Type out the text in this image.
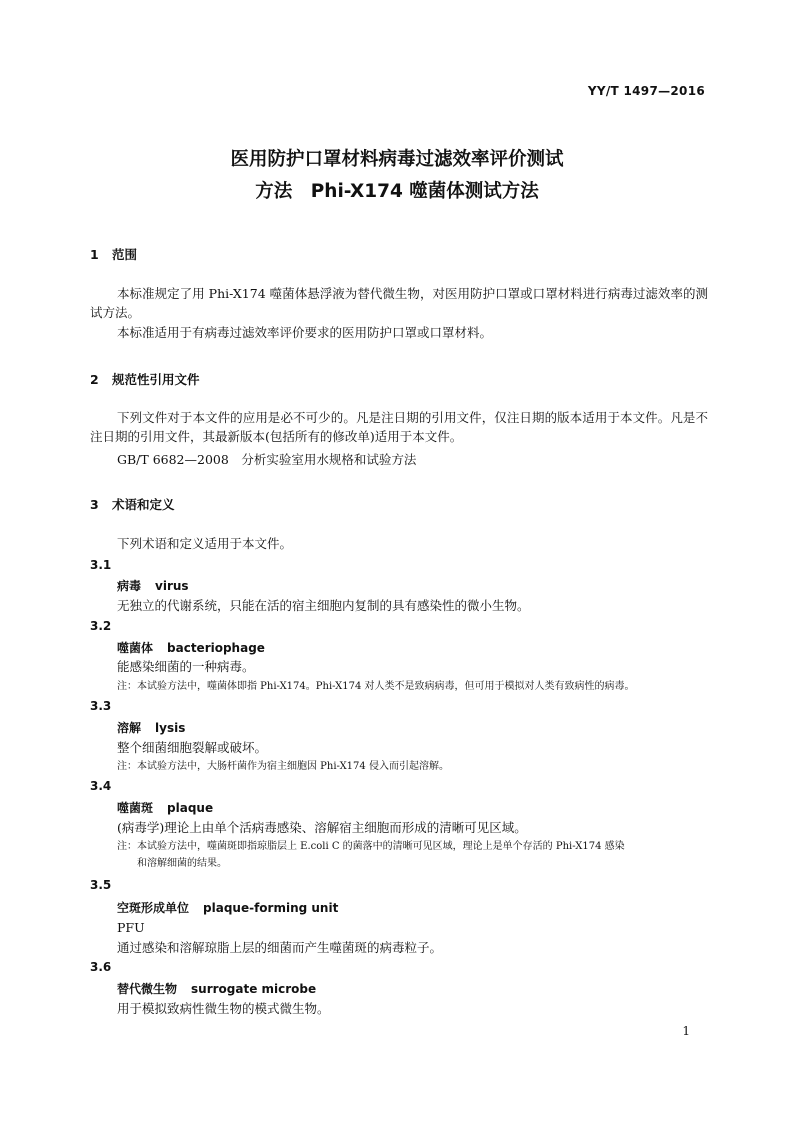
YY/T 1497—2016
医用防护口罩材料病毒过滤效率评价测试
方法　Phi-X174 噬菌体测试方法
1 范围
本标准规定了用 Phi-X174 噬菌体悬浮液为替代微生物，对医用防护口罩或口罩材料进行病毒过滤效率的测试方法。
本标准适用于有病毒过滤效率评价要求的医用防护口罩或口罩材料。
2 规范性引用文件
下列文件对于本文件的应用是必不可少的。凡是注日期的引用文件，仅注日期的版本适用于本文件。凡是不注日期的引用文件，其最新版本(包括所有的修改单)适用于本文件。
GB/T 6682—2008　分析实验室用水规格和试验方法
3 术语和定义
下列术语和定义适用于本文件。
3.1
病毒 virus
无独立的代谢系统，只能在活的宿主细胞内复制的具有感染性的微小生物。
3.2
噬菌体 bacteriophage
能感染细菌的一种病毒。
注：本试验方法中，噬菌体即指 Phi-X174。Phi-X174 对人类不是致病病毒，但可用于模拟对人类有致病性的病毒。
3.3
溶解 lysis
整个细菌细胞裂解或破坏。
注：本试验方法中，大肠杆菌作为宿主细胞因 Phi-X174 侵入而引起溶解。
3.4
噬菌斑 plaque
(病毒学)理论上由单个活病毒感染、溶解宿主细胞而形成的清晰可见区域。
注：本试验方法中，噬菌斑即指琼脂层上 E.coli C 的菌落中的清晰可见区域，理论上是单个存活的 Phi-X174 感染
和溶解细菌的结果。
3.5
空斑形成单位 plaque-forming unit
PFU
通过感染和溶解琼脂上层的细菌而产生噬菌斑的病毒粒子。
3.6
替代微生物 surrogate microbe
用于模拟致病性微生物的模式微生物。
1
